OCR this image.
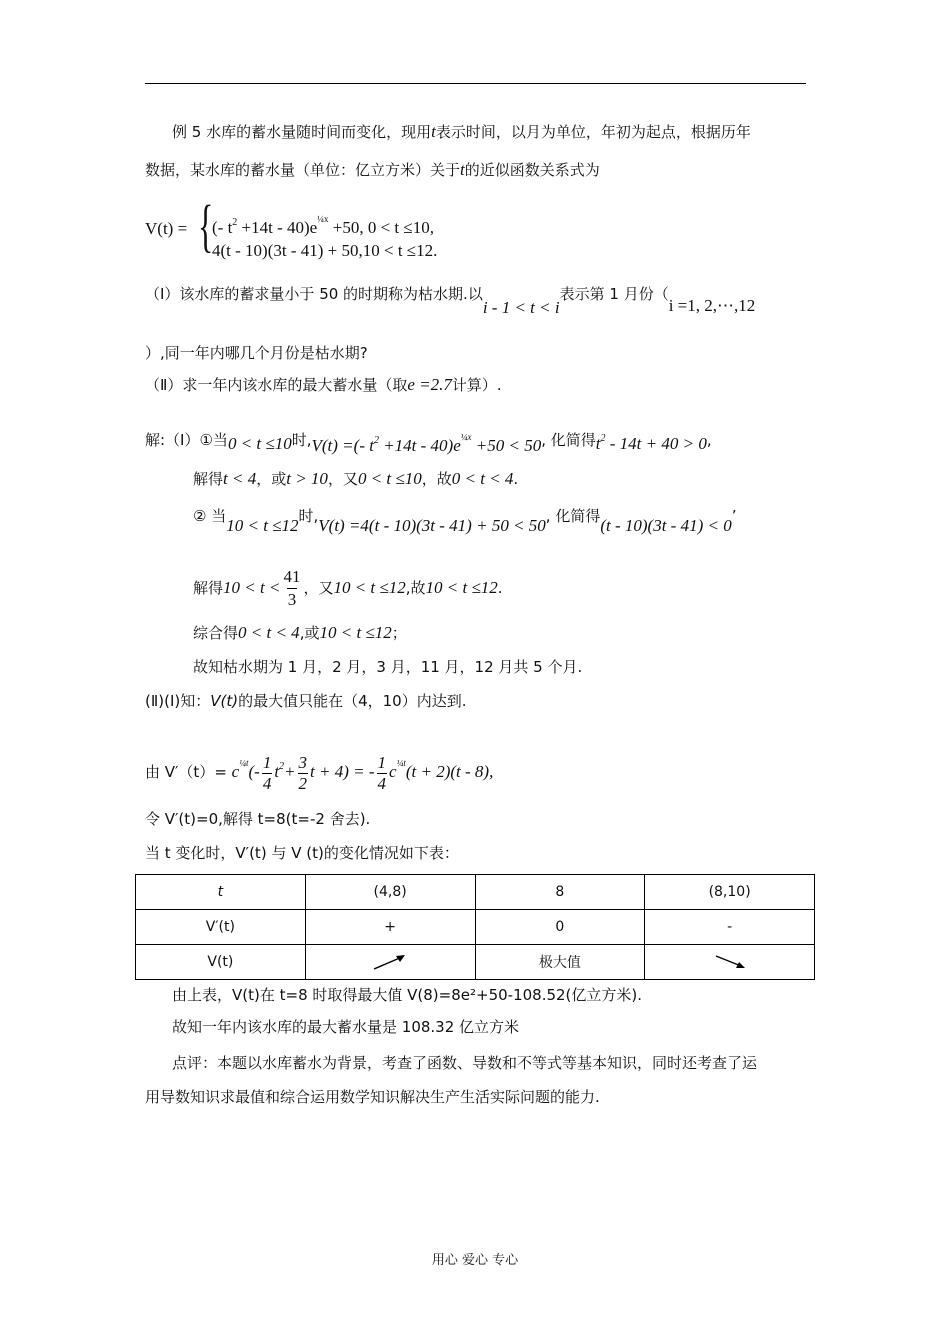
例 5 水库的蓄水量随时间而变化，现用t表示时间，以月为单位，年初为起点，根据历年
数据，某水库的蓄水量（单位：亿立方米）关于t的近似函数关系式为
V(t) = {
(- $t^2 +14t - 40)e^{\frac{1}{4}x} +50$, 0 < t ≤10,
4(t - 10)(3t - 41) + 50,10 < t ≤12.
（Ⅰ）该水库的蓄求量小于 50 的时期称为枯水期.以i - 1 < t < i表示第 1 月份（i =1, 2,⋯,12
）,同一年内哪几个月份是枯水期?
（Ⅱ）求一年内该水库的最大蓄水量（取e =2.7计算）.
解:（Ⅰ）①当0 < t ≤10时,V(t) =(- $t^2 +14t - 40)e^{\frac{1}{4}x} +50 < 50$, 化简得$t^2 - 14t + 40 > 0$,
解得t < 4，或t > 10，又0 < t ≤10，故0 < t < 4.
② 当10 < t ≤12时,V(t) =4(t - 10)(3t - 41) + 50 < 50, 化简得(t - 10)(3t - 41) < 0’
解得$10 < t < \frac{41}{3}$ ，又10 < t ≤12,故10 < t ≤12.
综合得0 < t < 4,或10 < t ≤12；
故知枯水期为 1 月，2 月，3 月，11 月，12 月共 5 个月.
(Ⅱ)(Ⅰ)知：V(t)的最大值只能在（4，10）内达到.
由 $V'(t)= c^{\frac{1}{4}t}(- \frac{1}{4} t^2+ \frac{3}{2}$ t + 4) = - $\frac{1}{4} c^{\frac{1}{4}t}(t + 2)(t - 8)$,
令 V′(t)=0,解得 t=8(t=-2 舍去).
当 t 变化时，V′(t) 与 V (t)的变化情况如下表：
t	(4,8)	8	(8,10)
V′(t)	+	0	-
V(t)		极大值	
由上表，V(t)在 t=8 时取得最大值 V(8)=8e²+50-108.52(亿立方米).
故知一年内该水库的最大蓄水量是 108.32 亿立方米
点评：本题以水库蓄水为背景，考查了函数、导数和不等式等基本知识，同时还考查了运
用导数知识求最值和综合运用数学知识解决生产生活实际问题的能力.
用心 爱心 专心
